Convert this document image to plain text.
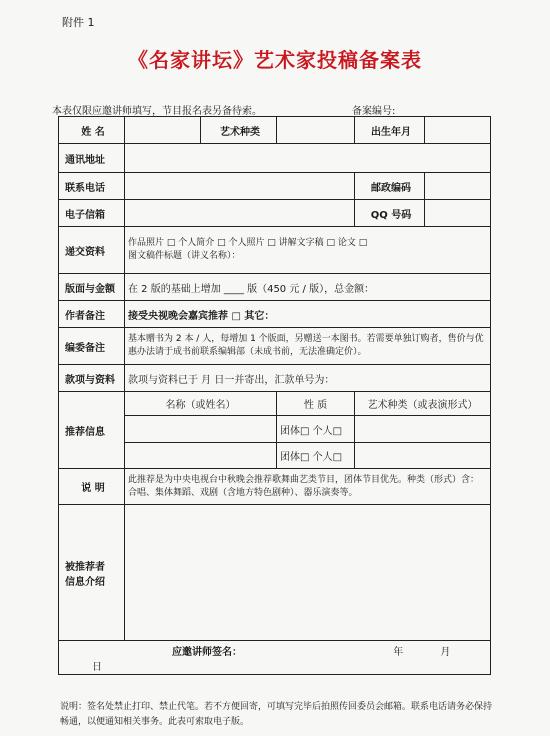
附件 1
《名家讲坛》艺术家投稿备案表
本表仅限应邀讲师填写，节目报名表另备待索。	备案编号:
姓 名		艺术种类		出生年月	
通讯地址					
联系电话				邮政编码	
电子信箱				QQ 号码	
递交资料	作品照片 □ 个人简介 □ 个人照片 □ 讲解文字稿 □ 论文 □
图文稿件标题（讲义名称）：				

版面与金额	在 2 版的基础上增加 ____ 版（450 元 / 版），总金额：				
作者备注	接受央视晚会嘉宾推荐 □ 其它：				
编委备注	基本赠书为 2 本 / 人，每增加 1 个版面，另赠送一本图书。若需要单独订购者，售价与优惠办法请于成书前联系编辑部（未成书前，无法准确定价）。				
款项与资料	款项与资料已于 月 日一并寄出，汇款单号为：				
推荐信息	名称（或姓名）		性 质	艺术种类（或表演形式）	
			团体□ 个人□		
			团体□ 个人□		
说 明	此推荐是为中央电视台中秋晚会推荐歌舞曲艺类节目，团体节目优先。种类（形式）含：合唱、集体舞蹈、戏剧（含地方特色剧种）、器乐演奏等。				

被推荐者
信息介绍					

应邀讲师签名： 年 月 日					
说明：签名处禁止打印、禁止代笔。若不方便回寄，可填写完毕后拍照传回委员会邮箱。联系电话请务必保持畅通，以便通知相关事务。此表可索取电子版。
